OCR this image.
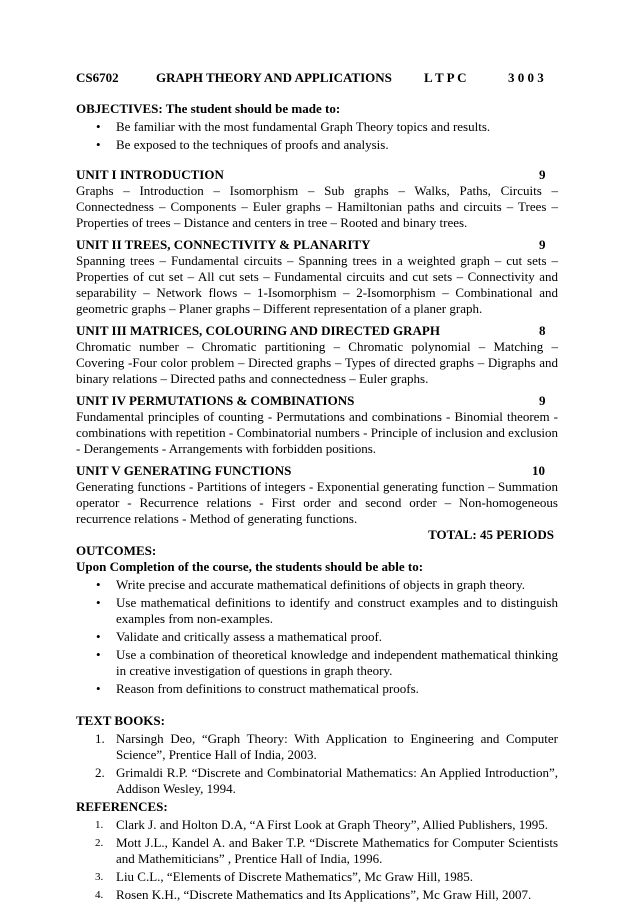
CS6702	GRAPH THEORY AND APPLICATIONS L T P C	3 0 0 3
OBJECTIVES: The student should be made to:
• Be familiar with the most fundamental Graph Theory topics and results.
• Be exposed to the techniques of proofs and analysis.
UNIT I INTRODUCTION	9
Graphs – Introduction – Isomorphism – Sub graphs – Walks, Paths, Circuits – Connectedness – Components – Euler graphs – Hamiltonian paths and circuits – Trees – Properties of trees – Distance and centers in tree – Rooted and binary trees.
UNIT II TREES, CONNECTIVITY & PLANARITY	9
Spanning trees – Fundamental circuits – Spanning trees in a weighted graph – cut sets – Properties of cut set – All cut sets – Fundamental circuits and cut sets – Connectivity and separability – Network flows – 1-Isomorphism – 2-Isomorphism – Combinational and geometric graphs – Planer graphs – Different representation of a planer graph.
UNIT III MATRICES, COLOURING AND DIRECTED GRAPH	8
Chromatic number – Chromatic partitioning – Chromatic polynomial – Matching – Covering -Four color problem – Directed graphs – Types of directed graphs – Digraphs and binary relations – Directed paths and connectedness – Euler graphs.
UNIT IV PERMUTATIONS & COMBINATIONS	9
Fundamental principles of counting - Permutations and combinations - Binomial theorem - combinations with repetition - Combinatorial numbers - Principle of inclusion and exclusion - Derangements - Arrangements with forbidden positions.
UNIT V GENERATING FUNCTIONS	10
Generating functions - Partitions of integers - Exponential generating function – Summation operator - Recurrence relations - First order and second order – Non-homogeneous recurrence relations - Method of generating functions.
TOTAL: 45 PERIODS
OUTCOMES:
Upon Completion of the course, the students should be able to:
• Write precise and accurate mathematical definitions of objects in graph theory.
• Use mathematical definitions to identify and construct examples and to distinguish examples from non-examples.
• Validate and critically assess a mathematical proof.
• Use a combination of theoretical knowledge and independent mathematical thinking in creative investigation of questions in graph theory.
• Reason from definitions to construct mathematical proofs.
TEXT BOOKS:
1. Narsingh Deo, “Graph Theory: With Application to Engineering and Computer Science”, Prentice Hall of India, 2003.
2. Grimaldi R.P. “Discrete and Combinatorial Mathematics: An Applied Introduction”, Addison Wesley, 1994.
REFERENCES:
1. Clark J. and Holton D.A, “A First Look at Graph Theory”, Allied Publishers, 1995.
2. Mott J.L., Kandel A. and Baker T.P. “Discrete Mathematics for Computer Scientists and Mathemiticians” , Prentice Hall of India, 1996.
3. Liu C.L., “Elements of Discrete Mathematics”, Mc Graw Hill, 1985.
4. Rosen K.H., “Discrete Mathematics and Its Applications”, Mc Graw Hill, 2007.
